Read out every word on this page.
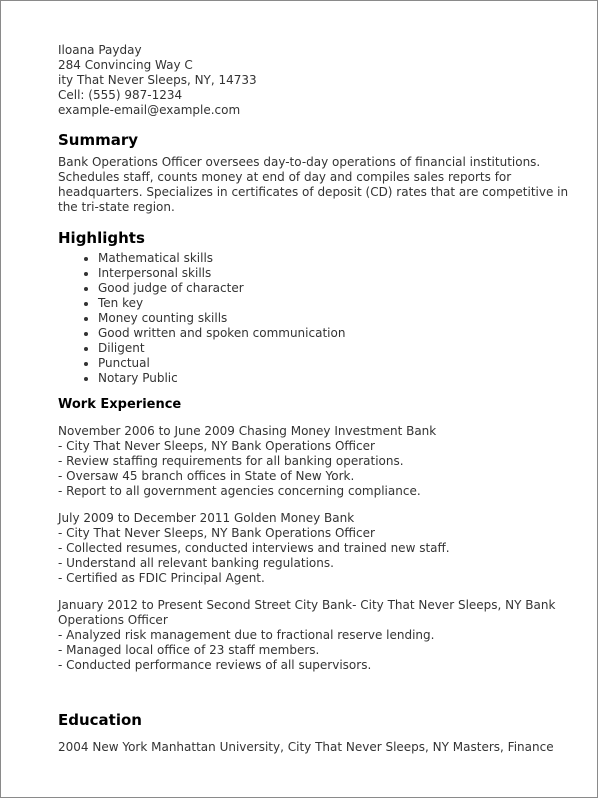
Iloana Payday
284 Convincing Way C
ity That Never Sleeps, NY, 14733
Cell: (555) 987-1234
example-email@example.com
Summary

Bank Operations Officer oversees day-to-day operations of financial institutions. Schedules staff, counts money at end of day and compiles sales reports for headquarters. Specializes in certificates of deposit (CD) rates that are competitive in the tri-state region.

Highlights
• Mathematical skills
• Interpersonal skills
• Good judge of character
• Ten key
• Money counting skills
• Good written and spoken communication
• Diligent
• Punctual
• Notary Public
Work Experience
November 2006 to June 2009 Chasing Money Investment Bank
- City That Never Sleeps, NY Bank Operations Officer
- Review staffing requirements for all banking operations.
- Oversaw 45 branch offices in State of New York.
- Report to all government agencies concerning compliance.
July 2009 to December 2011 Golden Money Bank
- City That Never Sleeps, NY Bank Operations Officer
- Collected resumes, conducted interviews and trained new staff.
- Understand all relevant banking regulations.
- Certified as FDIC Principal Agent.
January 2012 to Present Second Street City Bank- City That Never Sleeps, NY Bank Operations Officer
- Analyzed risk management due to fractional reserve lending.
- Managed local office of 23 staff members.
- Conducted performance reviews of all supervisors.
Education

2004 New York Manhattan University, City That Never Sleeps, NY Masters, Finance
